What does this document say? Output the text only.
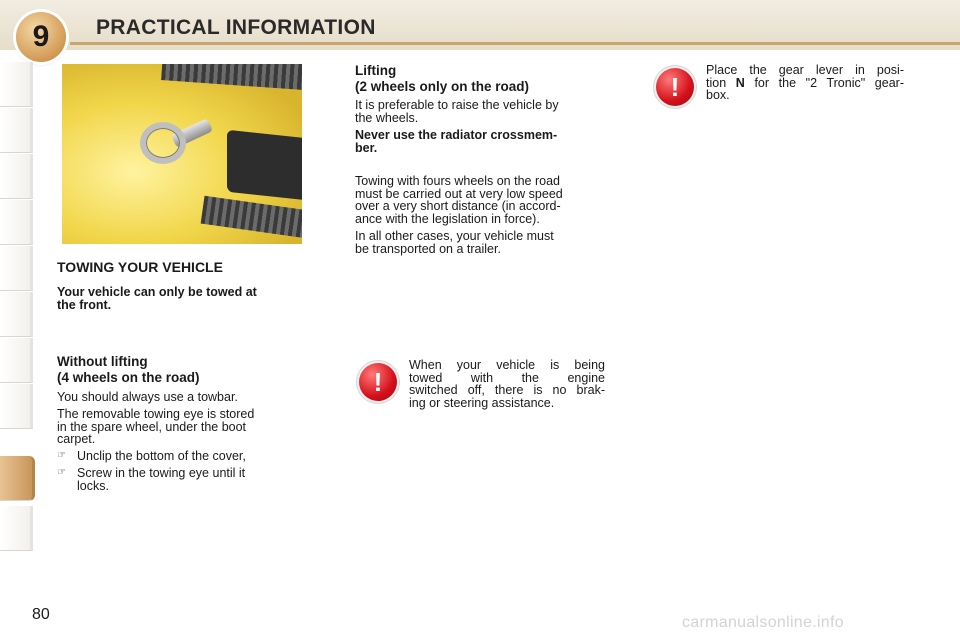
9 PRACTICAL INFORMATION
TOWING YOUR VEHICLE
Your vehicle can only be towed at
the front.
Without lifting
(4 wheels on the road)
You should always use a towbar.
The removable towing eye is stored
in the spare wheel, under the boot
carpet.
☞ Unclip the bottom of the cover,
☞ Screw in the towing eye until it
locks.
Lifting
(2 wheels only on the road)
It is preferable to raise the vehicle by
the wheels.
Never use the radiator crossmem-
ber.
Towing with fours wheels on the road
must be carried out at very low speed
over a very short distance (in accord-
ance with the legislation in force).
In all other cases, your vehicle must
be transported on a trailer.
!
When your vehicle is being
towed with the engine
switched off, there is no brak-
ing or steering assistance.
!
Place the gear lever in posi-
tion N for the "2 Tronic" gear-
box.
80	carmanualsonline.info
